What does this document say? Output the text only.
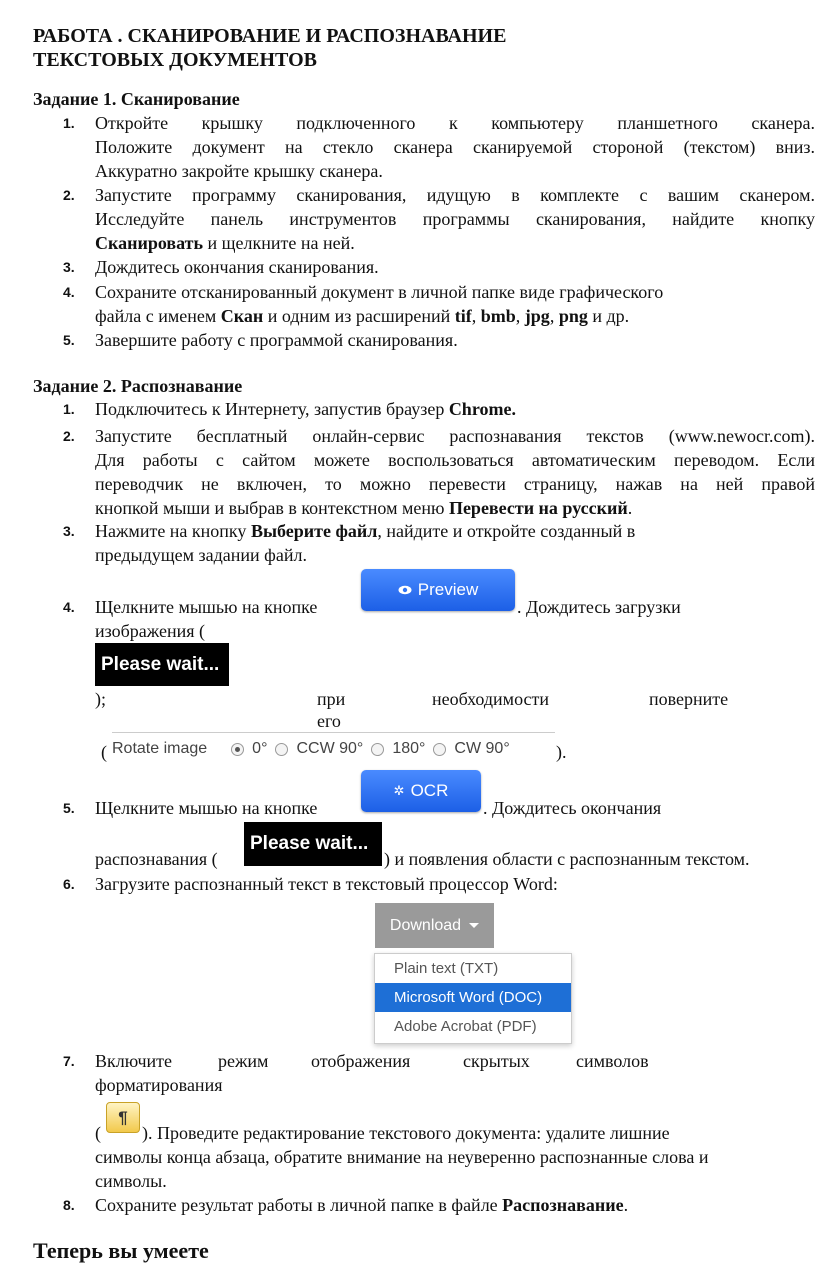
РАБОТА . СКАНИРОВАНИЕ И РАСПОЗНАВАНИЕ
ТЕКСТОВЫХ ДОКУМЕНТОВ
Задание 1. Сканирование
1. Откройте крышку подключенного к компьютеру планшетного сканера.
Положите документ на стекло сканера сканируемой стороной (текстом) вниз.
Аккуратно закройте крышку сканера.
2. Запустите программу сканирования, идущую в комплекте с вашим сканером.
Исследуйте панель инструментов программы сканирования, найдите кнопку
Сканировать и щелкните на ней.
3. Дождитесь окончания сканирования.
4. Сохраните отсканированный документ в личной папке виде графического
файла с именем Скан и одним из расширений tif, bmb, jpg, png и др.
5. Завершите работу с программой сканирования.
Задание 2. Распознавание
1. Подключитесь к Интернету, запустив браузер Chrome.
2. Запустите бесплатный онлайн-сервис распознавания текстов (www.newocr.com).
Для работы с сайтом можете воспользоваться автоматическим переводом. Если
переводчик не включен, то можно перевести страницу, нажав на ней правой
кнопкой мыши и выбрав в контекстном меню Перевести на русский.
3. Нажмите на кнопку Выберите файл, найдите и откройте созданный в
предыдущем задании файл.
4. Щелкните мышью на кнопке
Preview
. Дождитесь загрузки
изображения (
Please wait...
);	при
его
необходимости	поверните
( Rotate image	0° CCW 90° 180° CW 90°	).
5. Щелкните мышью на кнопке
✲ OCR
. Дождитесь окончания
распознавания (
Please wait...
) и появления области с распознанным текстом.
6. Загрузите распознанный текст в текстовый процессор Word:
Download
Plain text (TXT)
Microsoft Word (DOC)
Adobe Acrobat (PDF)
7. Включите	режим отображения	скрытых	символов
форматирования
(
¶
). Проведите редактирование текстового документа: удалите лишние
символы конца абзаца, обратите внимание на неуверенно распознанные слова и
символы.
8. Сохраните результат работы в личной папке в файле Распознавание.
Теперь вы умеете
